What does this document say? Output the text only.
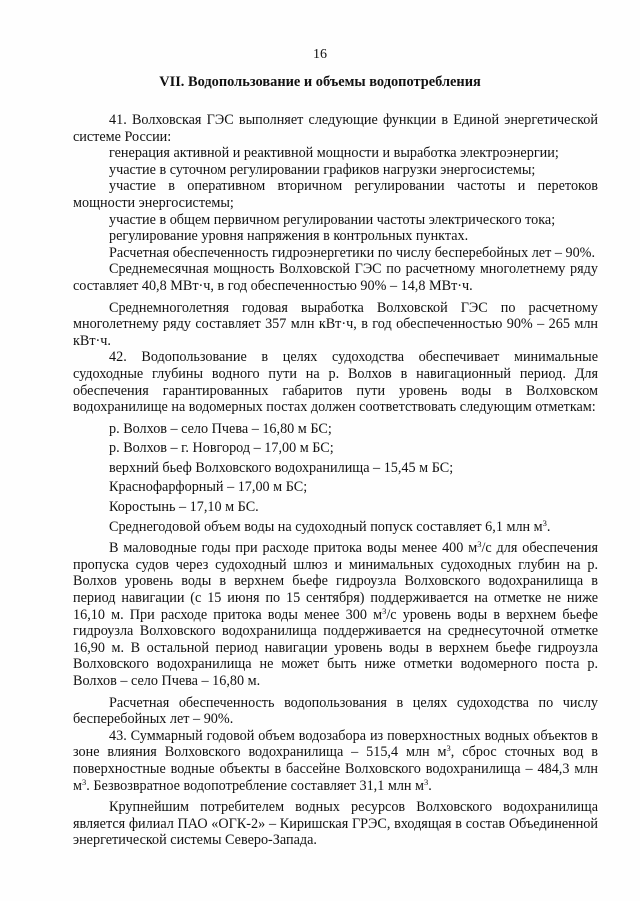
16
VII. Водопользование и объемы водопотребления

41. Волховская ГЭС выполняет следующие функции в Единой энергетической системе России:

генерация активной и реактивной мощности и выработка электроэнергии;

участие в суточном регулировании графиков нагрузки энергосистемы;

участие в оперативном вторичном регулировании частоты и перетоков мощности энергосистемы;

участие в общем первичном регулировании частоты электрического тока;

регулирование уровня напряжения в контрольных пунктах.

Расчетная обеспеченность гидроэнергетики по числу бесперебойных лет – 90%.

Среднемесячная мощность Волховской ГЭС по расчетному многолетнему ряду составляет 40,8 МВт·ч, в год обеспеченностью 90% – 14,8 МВт·ч.

Среднемноголетняя годовая выработка Волховской ГЭС по расчетному многолетнему ряду составляет 357 млн кВт·ч, в год обеспеченностью 90% – 265 млн кВт·ч.

42. Водопользование в целях судоходства обеспечивает минимальные судоходные глубины водного пути на р. Волхов в навигационный период. Для обеспечения гарантированных габаритов пути уровень воды в Волховском водохранилище на водомерных постах должен соответствовать следующим отметкам:

р. Волхов – село Пчева – 16,80 м БС;
р. Волхов – г. Новгород – 17,00 м БС;
верхний бьеф Волховского водохранилища – 15,45 м БС;
Краснофарфорный – 17,00 м БС;
Коростынь – 17,10 м БС.

Среднегодовой объем воды на судоходный попуск составляет 6,1 млн $м^3$.

В маловодные годы при расходе притока воды менее 400 $м^3/с$ для обеспечения пропуска судов через судоходный шлюз и минимальных судоходных глубин на р. Волхов уровень воды в верхнем бьефе гидроузла Волховского водохранилища в период навигации (с 15 июня по 15 сентября) поддерживается на отметке не ниже 16,10 м. При расходе притока воды менее 300 $м^3/с$ уровень воды в верхнем бьефе гидроузла Волховского водохранилища поддерживается на среднесуточной отметке 16,90 м. В остальной период навигации уровень воды в верхнем бьефе гидроузла Волховского водохранилища не может быть ниже отметки водомерного поста р. Волхов – село Пчева – 16,80 м.

Расчетная обеспеченность водопользования в целях судоходства по числу бесперебойных лет – 90%.

43. Суммарный годовой объем водозабора из поверхностных водных объектов в зоне влияния Волховского водохранилища – 515,4 млн $м^3$, сброс сточных вод в поверхностные водные объекты в бассейне Волховского водохранилища – 484,3 млн $м^3$. Безвозвратное водопотребление составляет 31,1 млн $м^3$.

Крупнейшим потребителем водных ресурсов Волховского водохранилища является филиал ПАО «ОГК-2» – Киришская ГРЭС, входящая в состав Объединенной энергетической системы Северо-Запада.
